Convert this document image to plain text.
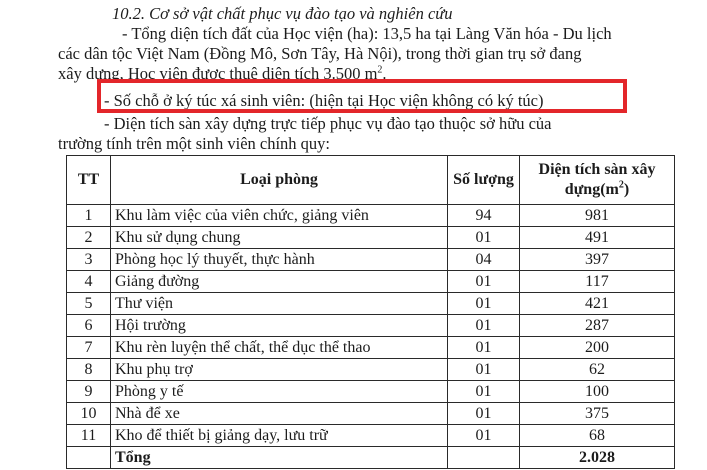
10.2. Cơ sở vật chất phục vụ đào tạo và nghiên cứu
- Tổng diện tích đất của Học viện (ha): 13,5 ha tại Làng Văn hóa - Du lịch
các dân tộc Việt Nam (Đồng Mô, Sơn Tây, Hà Nội), trong thời gian trụ sở đang
xây dựng, Học viện được thuê diện tích 3.500 $m^2$.
- Số chỗ ở ký túc xá sinh viên: (hiện tại Học viện không có ký túc)
- Diện tích sàn xây dựng trực tiếp phục vụ đào tạo thuộc sở hữu của
trường tính trên một sinh viên chính quy:
TT	Loại phòng	Số lượng	Diện tích sàn xây $dựng(m^2)$
1	Khu làm việc của viên chức, giảng viên	94	981
2	Khu sử dụng chung	01	491
3	Phòng học lý thuyết, thực hành	04	397
4	Giảng đường	01	117
5	Thư viện	01	421
6	Hội trường	01	287
7	Khu rèn luyện thể chất, thể dục thể thao	01	200
8	Khu phụ trợ	01	62
9	Phòng y tế	01	100
10	Nhà để xe	01	375
11	Kho để thiết bị giảng dạy, lưu trữ	01	68
	Tổng		2.028
